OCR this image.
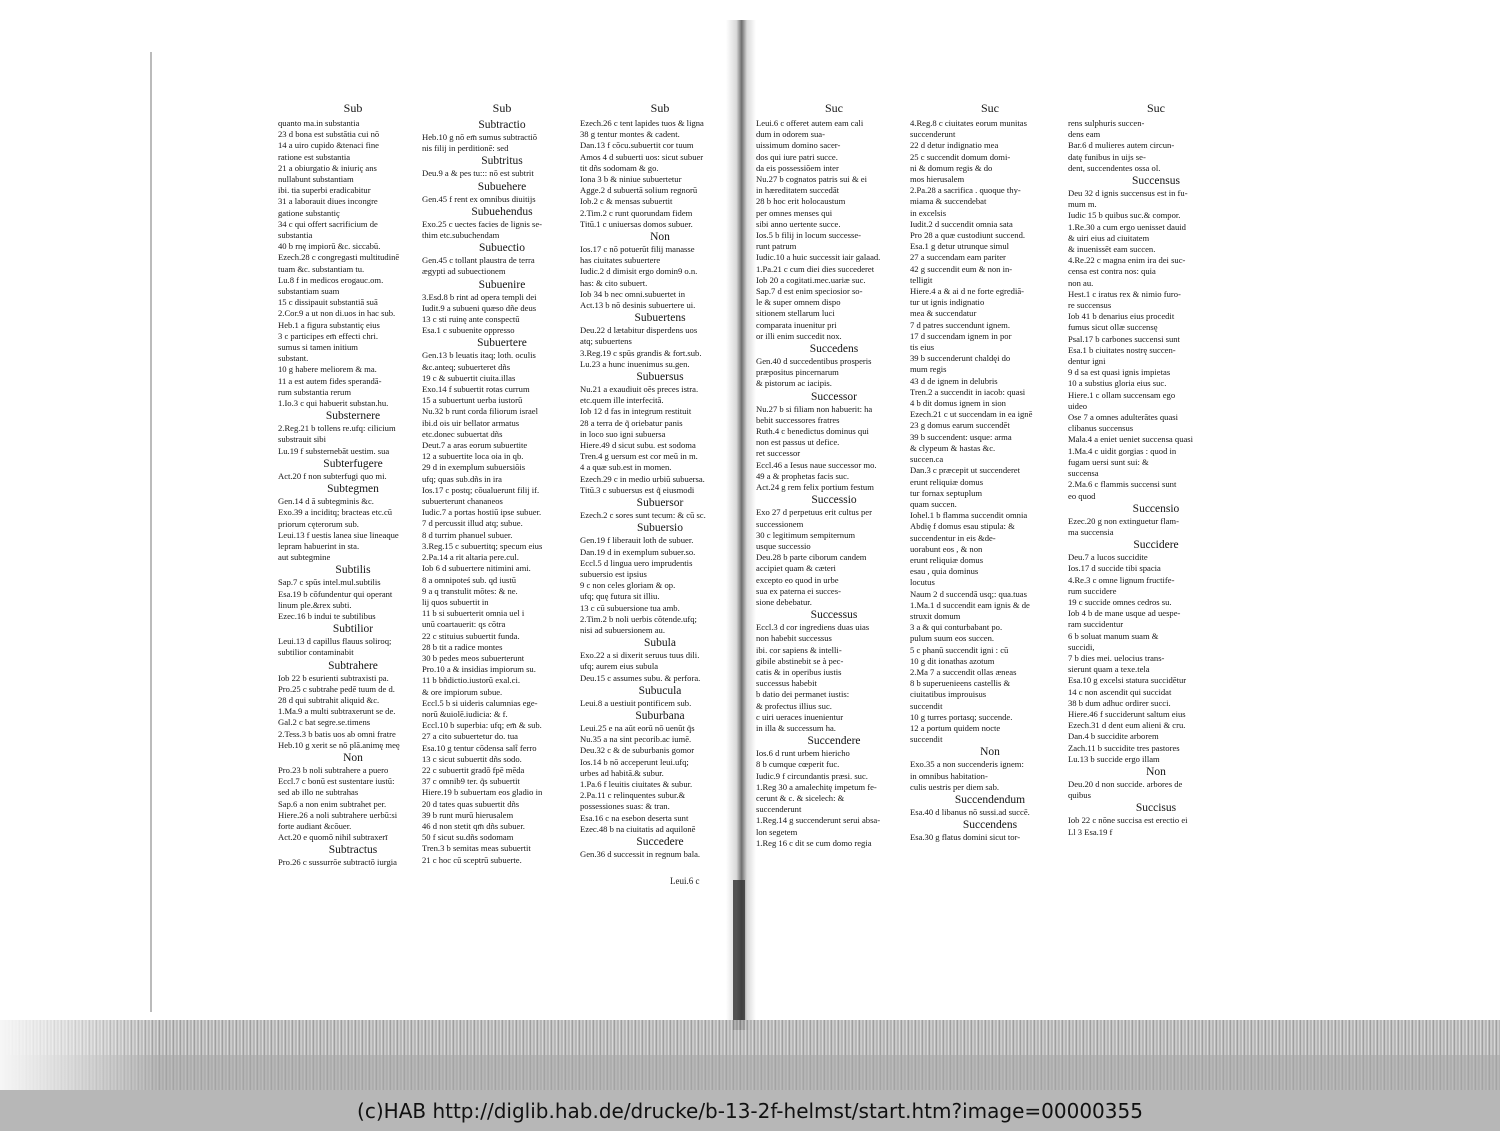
Sub
quanto ma.in substantia
23 d bona est substātia cui nō
14 a uiro cupido &tenaci fine
ratione est substantia
21 a obiurgatio & iniuriç ans
nullabunt substantiam
ibi. tia superbi eradicabitur
31 a laborauit diues incongre
gatione substantiç
34 c qui offert sacrificium de
substantia
40 b rnę impiorū &c. siccabū.
Ezech.28 c congregasti multitudinē
tuam &c. substantiam tu.
Lu.8 f in medicos erogauc.om.
substantiam suam
15 c dissipauit substantiā suā
2.Cor.9 a ut non di.uos in hac sub.
Heb.1 a figura substantiç eius
3 c participes em̄ effecti chri.
sumus si tamen initium
substant.
10 g habere meliorem & ma.
11 a est autem fides sperandā-
rum substantia rerum
1.Io.3 c qui habuerit substan.hu.
Substernere
2.Reg.21 b tollens re.ufq: cilicium
substrauit sibi
Lu.19 f substernebāt uestim. sua
Subterfugere
Act.20 f non subterfugi quo mi.
Subtegmen
Gen.14 d ā subtegminis &c.
Exo.39 a inciditq; bracteas etc.cū
priorum cęterorum sub.
Leui.13 f uestis lanea siue lineaque
lepram habuerint in sta.
aut subtegmine
Subtilis
Sap.7 c spūs intel.mul.subtilis
Esa.19 b cōfundentur qui operant
linum ple.&rex subti.
Ezec.16 b indui te subtilibus
Subtilior
Leui.13 d capillus flauus soliroq;
subtilior contaminabit
Subtrahere
Iob 22 b esurienti subtraxisti pa.
Pro.25 c subtrahe pedē tuum de d.
28 d qui subtrahit aliquid &c.
1.Ma.9 a multi subtraxerunt se de.
Gal.2 c bat segre.se.timens
2.Tess.3 b batis uos ab omni fratre
Heb.10 g xerit se nō plā.animę meę
Non
Pro.23 b noli subtrahere a puero
Eccl.7 c bonū est sustentare iustū:
sed ab illo ne subtrahas
Sap.6 a non enim subtrahet per.
Hiere.26 a noli subtrahere uerbū:si
forte audiant &cōuer.
Act.20 e quomō nihil subtraxerī
Subtractus
Pro.26 c sussurrōe subtractō iurgia
Sub
Subtractio
Heb.10 g nō em̄ sumus subtractiō
nis filij in perditionē: sed
Subtritus
Deu.9 a & pes tu::: nō est subtrit
Subuehere
Gen.45 f rent ex omnibus diuitijs
Subuehendus
Exo.25 c uectes facies de lignis se-
thim etc.subuchendam
Subuectio
Gen.45 c tollant plaustra de terra
ægypti ad subuectionem
Subuenire
3.Esd.8 b rint ad opera templi dei
Iudit.9 a subueni quæso dñe deus
13 c sti ruinę ante conspectū
Esa.1 c subuenite oppresso
Subuertere
Gen.13 b leuatis itaq; loth. oculis
&c.anteq; subuerteret dñs
19 c & subuertit ciuita.illas
Exo.14 f subuertit rotas currum
15 a subuertunt uerba iustorū
Nu.32 b runt corda filiorum israel
ibi.d ois uir bellator armatus
etc.donec subuertat dñs
Deut.7 a aras eorum subuertite
12 a subuertite loca oia in qb.
29 d in exemplum subuersiōis
ufq; quas sub.dñs in ira
Ios.17 c postq; cōualuerunt filij if.
subuerterunt chananeos
Iudic.7 a portas hostiū ipse subuer.
7 d percussit illud atq; subue.
8 d turrim phanuel subuer.
3.Reg.15 c subuertitq; specum eius
2.Pa.14 a rit altaria pere.cul.
Iob 6 d subuertere nitimini ami.
8 a omnipoteś sub. qd iustū
9 a q transtulit mōtes: & ne.
lij quos subuertit in
11 b si subuerterit omnia uel i
unū coartauerit: qs cōtra
22 c stituius subuertit funda.
28 b tit a radice montes
30 b pedes meos subuerterunt
Pro.10 a & insidias impiorum su.
11 b bñdictio.iustorū exal.ci.
& ore impiorum subue.
Eccl.5 b si uideris calumnias ege-
norū &uiolē.iudicia: & f.
Eccl.10 b superbia: ufq; em̄ & sub.
27 a cito subuertetur do. tua
Esa.10 g tentur cōdensa salt̃ ferro
13 c sicut subuertit dñs sodo.
22 c subuertit gradō fpē mēda
37 c omnib9 ter. q̃s subuertit
Hiere.19 b subuertam eos gladio in
20 d tates quas subuertit dñs
39 b runt murū hierusalem
46 d non stetit qm̄ dñs subuer.
50 f sicut su.dñs sodomam
Tren.3 b semitas meas subuertit
21 c hoc cū sceptrū subuerte.
Sub
Ezech.26 c tent lapides tuos & ligna
38 g tentur montes & cadent.
Dan.13 f cōcu.subuertit cor tuum
Amos 4 d subuerti uos: sicut subuer
tit dñs sodomam & go.
Iona 3 b & niniue subuertetur
Agge.2 d subuertā solium regnorū
Iob.2 c & mensas subuertit
2.Tim.2 c runt quorundam fidem
Titū.1 c uniuersas domos subuer.
Non
Ios.17 c nō potuerūt filij manasse
has ciuitates subuertere
Iudic.2 d dimisit ergo domin9 o.n.
has: & cito subuert.
Iob 34 b nec omni.subuertet in
Act.13 b nō desinis subuertere ui.
Subuertens
Deu.22 d lætabitur disperdens uos
atq; subuertens
3.Reg.19 c spūs grandis & fort.sub.
Lu.23 a hunc inuenimus su.gen.
Subuersus
Nu.21 a exaudiuit oēs preces istra.
etc.quem ille interfecitā.
Iob 12 d fas in integrum restituit
28 a terra de q̃ oriebatur panis
in loco suo igni subuersa
Hiere.49 d sicut subu. est sodoma
Tren.4 g uersum est cor meū in m.
4 a quæ sub.est in momen.
Ezech.29 c in medio urbiū subuersa.
Titū.3 c subuersus est q̃ eiusmodi
Subuersor
Ezech.2 c sores sunt tecum: & cū sc.
Subuersio
Gen.19 f liberauit loth de subuer.
Dan.19 d in exemplum subuer.so.
Eccl.5 d lingua uero imprudentis
subuersio est ipsius
9 c non celes gloriam & op.
ufq; quę futura sit illiu.
13 c cū subuersione tua amb.
2.Tim.2 b noli uerbis cōtende.ufq;
nisi ad subuersionem au.
Subula
Exo.22 a si dixerit seruus tuus dili.
ufq; aurem eius subula
Deu.15 c assumes subu. & perfora.
Subucula
Leui.8 a uestiuit pontificem sub.
Suburbana
Leui.25 e na aūt eorū nō uenūt q̃s
Nu.35 a na sint pecorib.ac iumē.
Deu.32 c & de suburbanis gomor
Ios.14 b nō acceperunt leui.ufq;
urbes ad habitā.& subur.
1.Pa.6 f leuitis ciuitates & subur.
2.Pa.11 c relinquentes subur.&
possessiones suas: & tran.
Esa.16 c na esebon deserta sunt
Ezec.48 b na ciuitatis ad aquilonē
Succedere
Gen.36 d successit in regnum bala.
Suc
Leui.6 c offeret autem eam cali
dum in odorem sua-
uissimum domino sacer-
dos qui iure patri succe.
da eis possessiōem inter
Nu.27 b cognatos patris sui & ei
in hæreditatem succedāt
28 b hoc erit holocaustum
per omnes menses qui
sibi anno uertente succe.
Ios.5 b filij in locum successe-
runt patrum
Iudic.10 a huic successit iair galaad.
1.Pa.21 c cum diei dies succederet
Iob 20 a cogitati.mec.uariæ suc.
Sap.7 d est enim speciosior so-
le & super omnem dispo
sitionem stellarum luci
comparata inuenitur pri
or illi enim succedit nox.
Succedens
Gen.40 d succedentibus prosperis
præpositus pincernarum
& pistorum ac iacipis.
Successor
Nu.27 b si filiam non habuerit: ha
bebit successores fratres
Ruth.4 c benedictus dominus qui
non est passus ut defice.
ret successor
Eccl.46 a Iesus naue successor mo.
49 a & prophetas facis suc.
Act.24 g rem felix portium festum
Successio
Exo 27 d perpetuus erit cultus per
successionem
30 c legitimum sempiternum
usque successio
Deu.28 b parte ciborum candem
accipiet quam & cæteri
excepto eo quod in urbe
sua ex paterna ei succes-
sione debebatur.
Successus
Eccl.3 d cor ingrediens duas uias
non habebit successus
ibi. cor sapiens & intelli-
gibile abstinebit se à pec-
catis & in operibus iustis
successus habebit
b datio dei permanet iustis:
& profectus illius suc.
c uiri ueraces inuenientur
in illa & successum ha.
Succendere
Ios.6 d runt urbem hiericho
8 b cumque cœperit fuc.
Iudic.9 f circundantis præsi. suc.
1.Reg 30 a amalechitę impetum fe-
cerunt & c. & sicelech: &
succenderunt
1.Reg.14 g succenderunt serui absa-
lon segetem
1.Reg 16 c dit se cum domo regia
Suc
4.Reg.8 c ciuitates eorum munitas
succenderunt
22 d detur indignatio mea
25 c succendit domum domi-
ni & domum regis & do
mos hierusalem
2.Pa.28 a sacrifica . quoque thy-
miama & succendebat
in excelsis
Iudit.2 d succendit omnia sata
Pro 28 a quæ custodiunt succend.
Esa.1 g detur utrunque simul
27 a succendam eam pariter
42 g succendit eum & non in-
telligit
Hiere.4 a & ai d ne forte egrediā-
tur ut ignis indignatio
mea & succendatur
7 d patres succendunt ignem.
17 d succendam ignem in por
tis eius
39 b succenderunt chaldęi do
mum regis
43 d de ignem in delubris
Tren.2 a succendit in iacob: quasi
4 b dit domus ignem in sion
Ezech.21 c ut succendam in ea ignē
23 g domus earum succendēt
39 b succendent: usque: arma
& clypeum & hastas &c.
succen.ca
Dan.3 c præcepit ut succenderet
erunt reliquiæ domus
tur fornax septuplum
quam succen.
Iohel.1 b flamma succendit omnia
Abdię f domus esau stipula: &
succendentur in eis &de-
uorabunt eos , & non
erunt reliquiæ domus
esau , quia dominus
locutus
Naum 2 d succendā usq;: qua.tuas
1.Ma.1 d succendit eam ignis & de
struxit domum
3 a & qui conturbabant po.
pulum suum eos succen.
5 c phanū succendit igni : cū
10 g dit ionathas azotum
2.Ma 7 a succendit ollas æneas
8 b superuenieens castellis &
ciuitatibus improuisus
succendit
10 g turres portasq; succende.
12 a portum quidem nocte
succendit
Non
Exo.35 a non succenderis ignem:
in omnibus habitation-
culis uestris per diem sab.
Succendendum
Esa.40 d libanus nō sussi.ad succē.
Succendens
Esa.30 g flatus domini sicut tor-
Suc
rens sulphuris succen-
dens eam
Bar.6 d mulieres autem circun-
datę funibus in uijs se-
dent, succendentes ossa ol.
Succensus
Deu 32 d ignis succensus est in fu-
mum m.
Iudic 15 b quibus suc.& compor.
1.Re.30 a cum ergo uenisset dauid
& uiri eius ad ciuitatem
& inuenissēt eam succen.
4.Re.22 c magna enim ira dei suc-
censa est contra nos: quia
non au.
Hest.1 c iratus rex & nimio furo-
re succensus
Iob 41 b denarius eius procedit
fumus sicut ollæ succensę
Psal.17 b carbones succensi sunt
Esa.1 b ciuitates nostrę succen-
dentur igni
9 d sa est quasi ignis impietas
10 a substius gloria eius suc.
Hiere.1 c ollam succensam ego
uideo
Ose 7 a omnes adulterātes quasi
clibanus succensus
Mala.4 a eniet ueniet succensa quasi
1.Ma.4 c uidit gorgias : quod in
fugam uersi sunt sui: &
succensa
2.Ma.6 c flammis succensi sunt
eo quod
Succensio
Ezec.20 g non extinguetur flam-
ma succensia
Succidere
Deu.7 a lucos succidite
Ios.17 d succide tibi spacia
4.Re.3 c omne lignum fructife-
rum succidere
19 c succide omnes cedros su.
Iob 4 b de mane usque ad uespe-
ram succidentur
6 b soluat manum suam &
succidi,
7 b dies mei. uelocius trans-
sierunt quam a texe.tela
Esa.10 g excelsi statura succidētur
14 c non ascendit qui succidat
38 b dum adhuc ordirer succi.
Hiere.46 f succiderunt saltum eius
Ezech.31 d dent eum alieni & cru.
Dan.4 b succidite arborem
Zach.11 b succidite tres pastores
Lu.13 b succide ergo illam
Non
Deu.20 d non succide. arbores de
quibus
Succisus
Iob 22 c nōne succisa est erectio ei
Ll 3 Esa.19 f
Leui.6 c
(c)HAB http://diglib.hab.de/drucke/b-13-2f-helmst/start.htm?image=00000355
